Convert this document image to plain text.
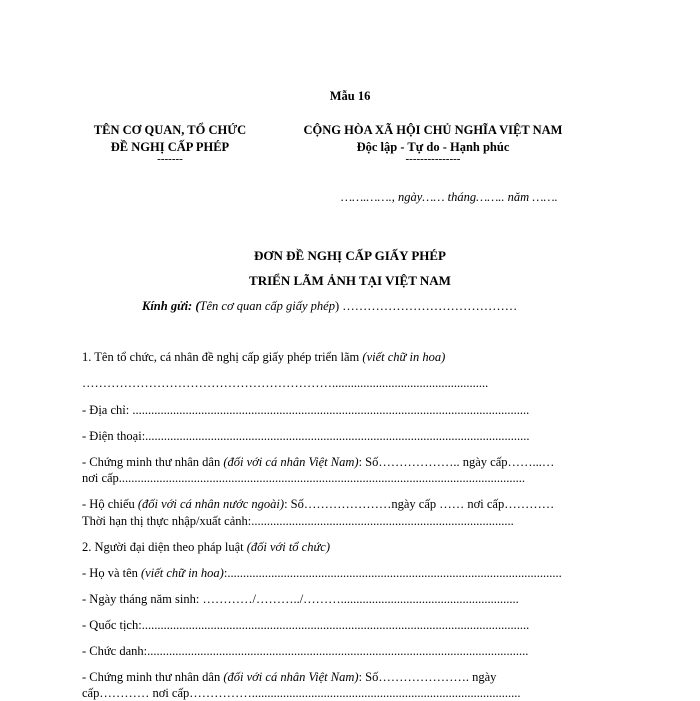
Mẫu 16
TÊN CƠ QUAN, TỔ CHỨC
ĐỀ NGHỊ CẤP PHÉP
-------
CỘNG HÒA XÃ HỘI CHỦ NGHĨA VIỆT NAM
Độc lập - Tự do - Hạnh phúc
---------------
…….……., ngày…… tháng…….. năm …….
ĐƠN ĐỀ NGHỊ CẤP GIẤY PHÉP
TRIỂN LÃM ẢNH TẠI VIỆT NAM
Kính gửi: (Tên cơ quan cấp giấy phép) ……………………………………
1. Tên tổ chức, cá nhân đề nghị cấp giấy phép triển lãm (viết chữ in hoa)
……………………………………………………..................................................
- Địa chỉ: ...............................................................................................................................
- Điện thoại:...........................................................................................................................
- Chứng minh thư nhân dân (đối với cá nhân Việt Nam): Số……………….. ngày cấp……...…
nơi cấp..................................................................................................................................
- Hộ chiếu (đối với cá nhân nước ngoài): Số…………………ngày cấp …… nơi cấp…………
Thời hạn thị thực nhập/xuất cảnh:....................................................................................
2. Người đại diện theo pháp luật (đối với tổ chức)
- Họ và tên (viết chữ in hoa):...........................................................................................................
- Ngày tháng năm sinh: …………/………../……….........................................................
- Quốc tịch:............................................................................................................................
- Chức danh:..........................................................................................................................
- Chứng minh thư nhân dân (đối với cá nhân Việt Nam): Số…………………. ngày
cấp………… nơi cấp……………......................................................................................
